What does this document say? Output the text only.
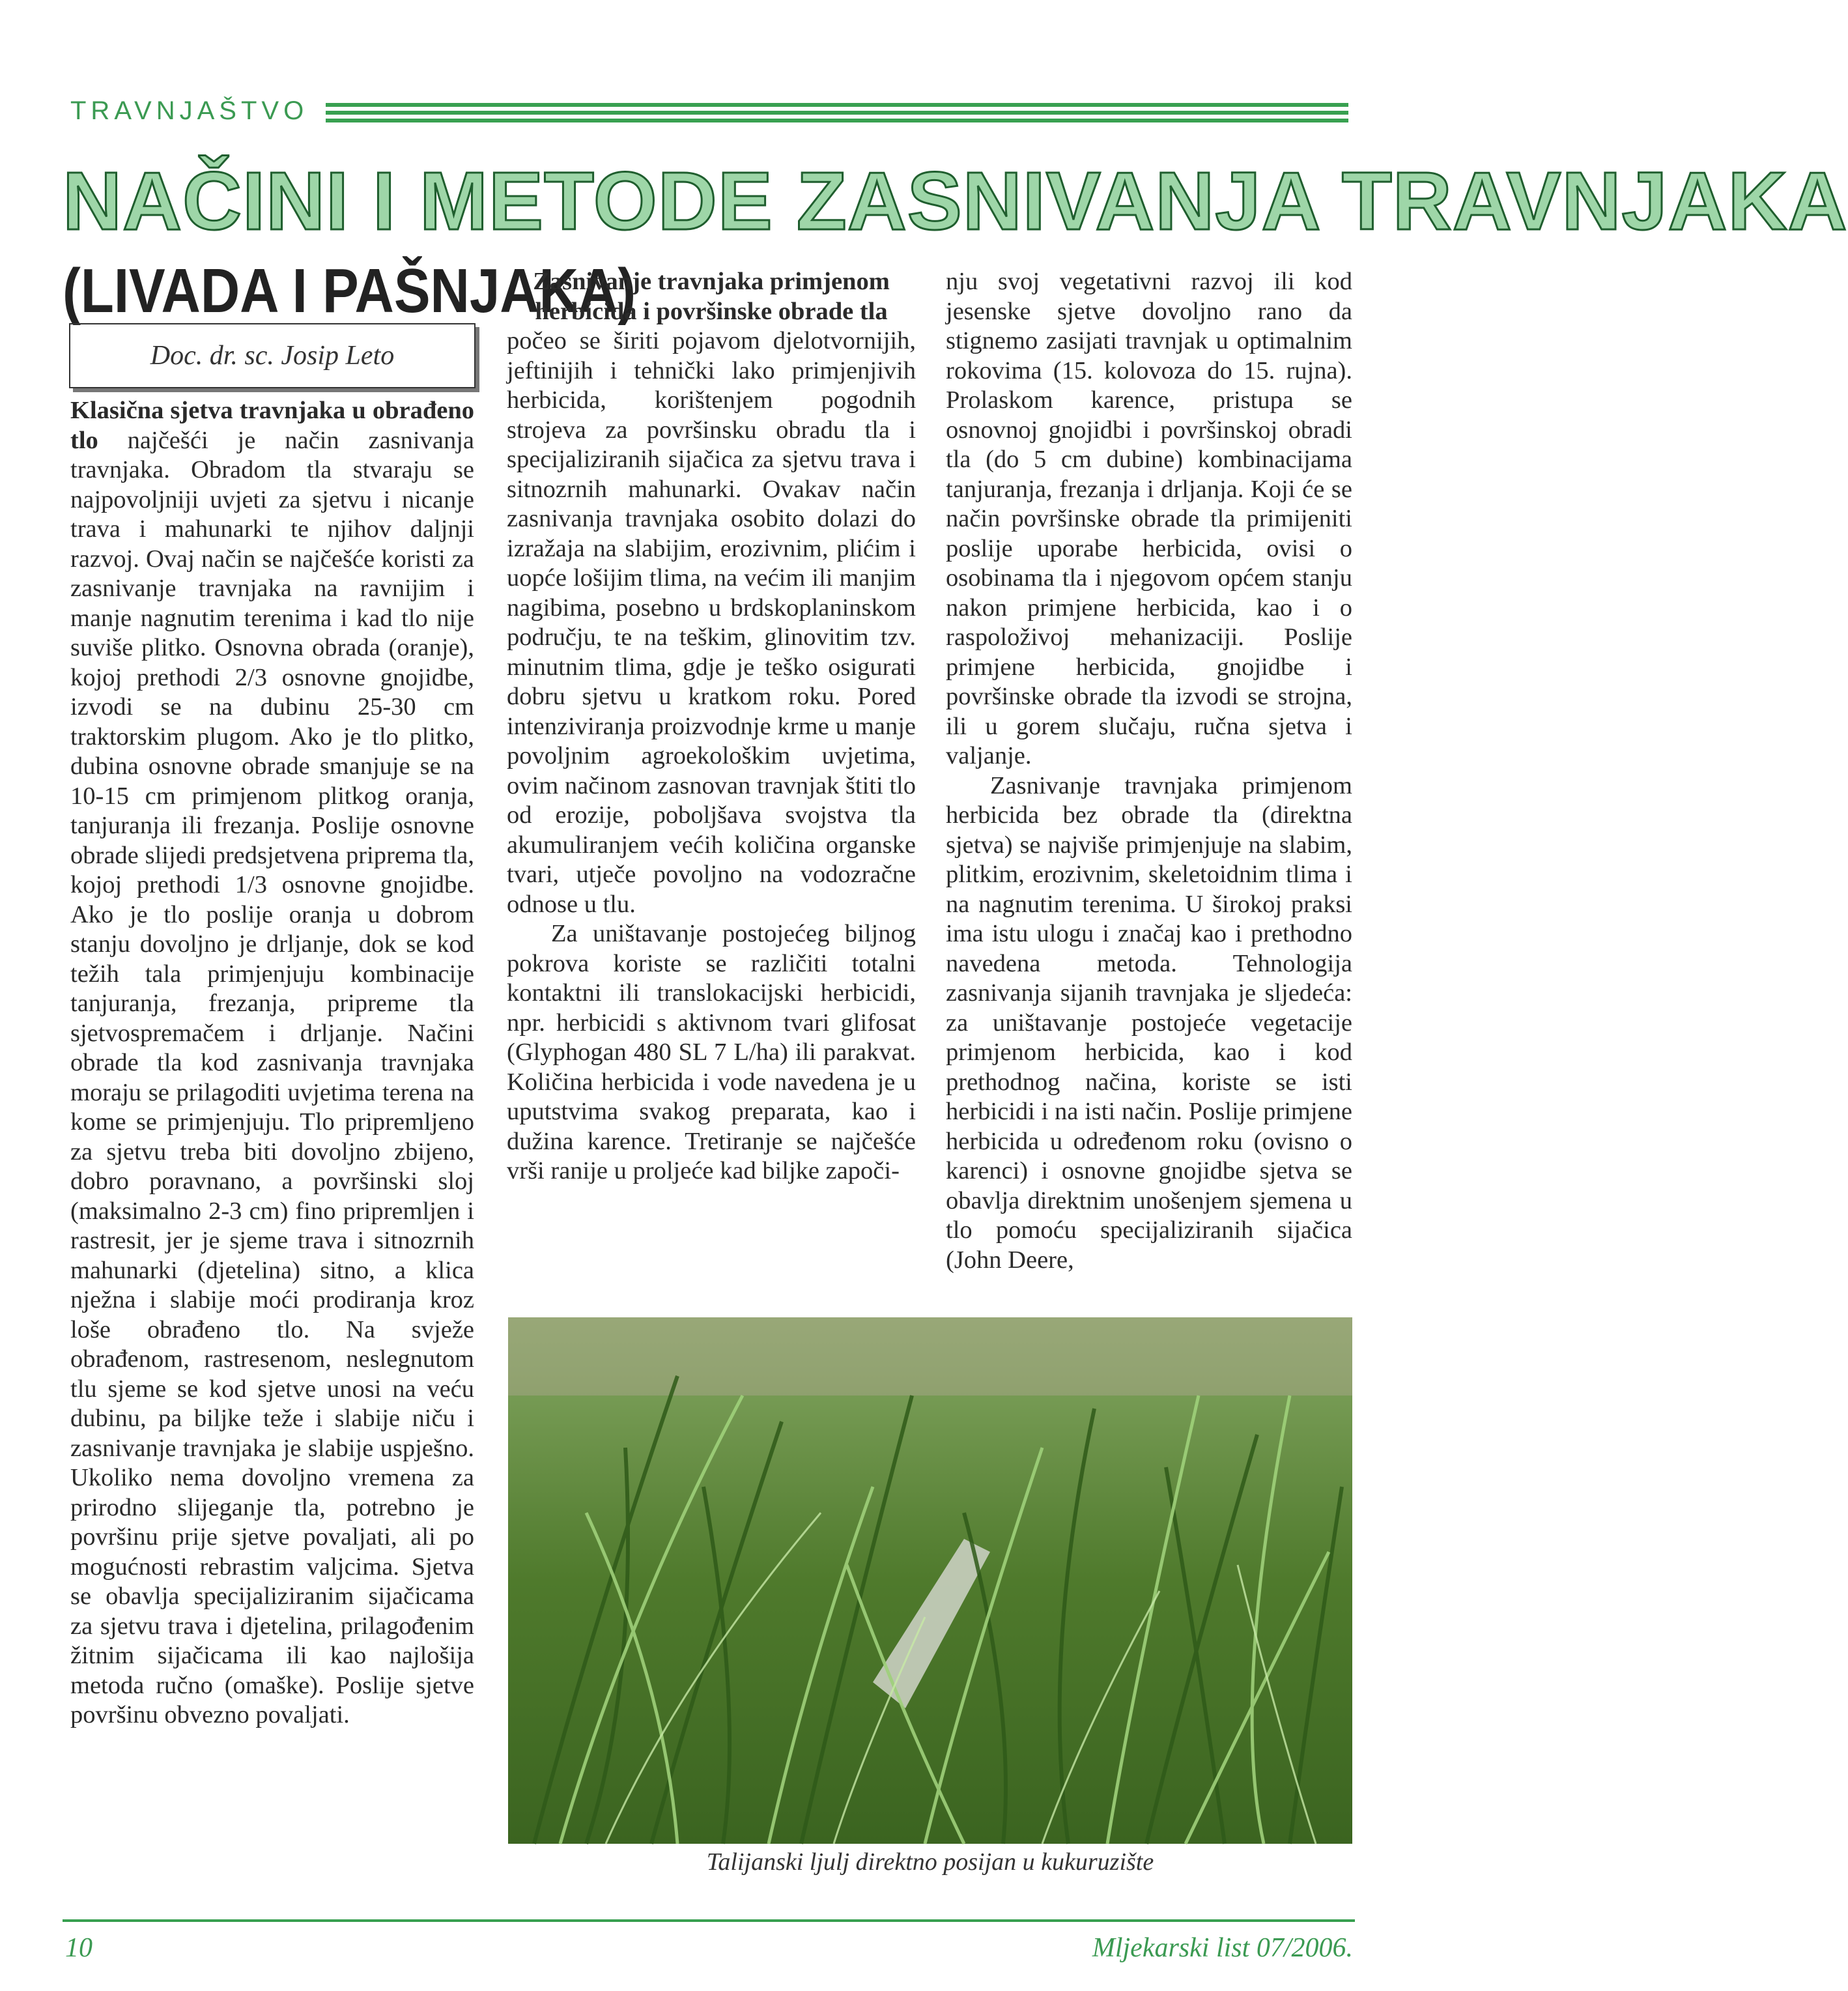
TRAVNJAŠTVO
NAČINI I METODE ZASNIVANJA TRAVNJAKA
(LIVADA I PAŠNJAKA)
Doc. dr. sc. Josip Leto

Klasična sjetva travnjaka u obrađeno tlo najčešći je način zasnivanja travnjaka. Obradom tla stvaraju se najpovoljniji uvjeti za sjetvu i nicanje trava i mahunarki te njihov daljnji razvoj. Ovaj način se najčešće koristi za zasnivanje travnjaka na ravnijim i manje nagnutim terenima i kad tlo nije suviše plitko. Osnovna obrada (oranje), kojoj prethodi 2/3 osnovne gnojidbe, izvodi se na dubinu 25-30 cm traktorskim plugom. Ako je tlo plitko, dubina osnovne obrade smanjuje se na 10-15 cm primjenom plitkog oranja, tanjuranja ili frezanja. Poslije osnovne obrade slijedi predsjetvena priprema tla, kojoj prethodi 1/3 osnovne gnojidbe. Ako je tlo poslije oranja u dobrom stanju dovoljno je drljanje, dok se kod težih tala primjenjuju kombinacije tanjuranja, frezanja, pripreme tla sjetvospremačem i drljanje. Načini obrade tla kod zasnivanja travnjaka moraju se prilagoditi uvjetima terena na kome se primjenjuju. Tlo pripremljeno za sjetvu treba biti dovoljno zbijeno, dobro poravnano, a površinski sloj (maksimalno 2-3 cm) fino pripremljen i rastresit, jer je sjeme trava i sitnozrnih mahunarki (djetelina) sitno, a klica nježna i slabije moći prodiranja kroz loše obrađeno tlo. Na svježe obrađenom, rastresenom, neslegnutom tlu sjeme se kod sjetve unosi na veću dubinu, pa biljke teže i slabije niču i zasnivanje travnjaka je slabije uspješno. Ukoliko nema dovoljno vremena za prirodno slijeganje tla, potrebno je površinu prije sjetve povaljati, ali po mogućnosti rebrastim valjcima. Sjetva se obavlja specijaliziranim sijačicama za sjetvu trava i djetelina, prilagođenim žitnim sijačicama ili kao najlošija metoda ručno (omaške). Poslije sjetve površinu obvezno povaljati.

Zasnivanje travnjaka primjenom herbicida i površinske obrade tla
počeo se širiti pojavom djelotvornijih, jeftinijih i tehnički lako primjenjivih herbicida, korištenjem pogodnih strojeva za površinsku obradu tla i specijaliziranih sijačica za sjetvu trava i sitnozrnih mahunarki. Ovakav način zasnivanja travnjaka osobito dolazi do izražaja na slabijim, erozivnim, plićim i uopće lošijim tlima, na većim ili manjim nagibima, posebno u brdskoplaninskom području, te na teškim, glinovitim tzv. minutnim tlima, gdje je teško osigurati dobru sjetvu u kratkom roku. Pored intenziviranja proizvodnje krme u manje povoljnim agroekološkim uvjetima, ovim načinom zasnovan travnjak štiti tlo od erozije, poboljšava svojstva tla akumuliranjem većih količina organske tvari, utječe povoljno na vodozračne odnose u tlu.

Za uništavanje postojećeg biljnog pokrova koriste se različiti totalni kontaktni ili translokacijski herbicidi, npr. herbicidi s aktivnom tvari glifosat (Glyphogan 480 SL 7 L/ha) ili parakvat. Količina herbicida i vode navedena je u uputstvima svakog preparata, kao i dužina karence. Tretiranje se najčešće vrši ranije u proljeće kad biljke započi-

nju svoj vegetativni razvoj ili kod jesenske sjetve dovoljno rano da stignemo zasijati travnjak u optimalnim rokovima (15. kolovoza do 15. rujna). Prolaskom karence, pristupa se osnovnoj gnojidbi i površinskoj obradi tla (do 5 cm dubine) kombinacijama tanjuranja, frezanja i drljanja. Koji će se način površinske obrade tla primijeniti poslije uporabe herbicida, ovisi o osobinama tla i njegovom općem stanju nakon primjene herbicida, kao i o raspoloživoj mehanizaciji. Poslije primjene herbicida, gnojidbe i površinske obrade tla izvodi se strojna, ili u gorem slučaju, ručna sjetva i valjanje.

Zasnivanje travnjaka primjenom herbicida bez obrade tla (direktna sjetva) se najviše primjenjuje na slabim, plitkim, erozivnim, skeletoidnim tlima i na nagnutim terenima. U širokoj praksi ima istu ulogu i značaj kao i prethodno navedena metoda. Tehnologija zasnivanja sijanih travnjaka je sljedeća: za uništavanje postojeće vegetacije primjenom herbicida, kao i kod prethodnog načina, koriste se isti herbicidi i na isti način. Poslije primjene herbicida u određenom roku (ovisno o karenci) i osnovne gnojidbe sjetva se obavlja direktnim unošenjem sjemena u tlo pomoću specijaliziranih sijačica (John Deere,

Talijanski ljulj direktno posijan u kukuruzište
10	Mljekarski list 07/2006.
